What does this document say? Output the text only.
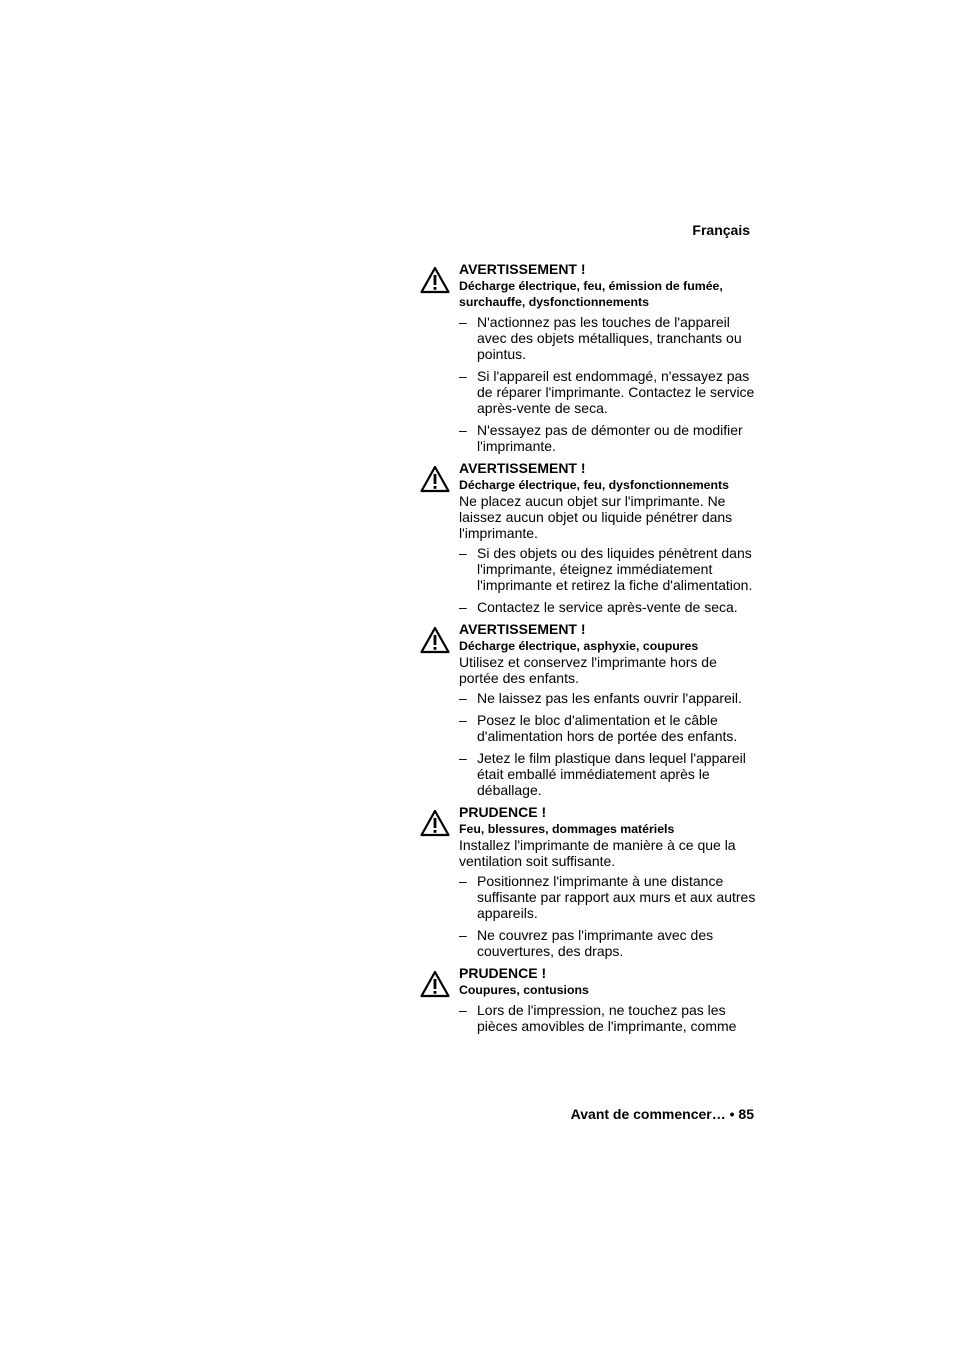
Français

AVERTISSEMENT !

Décharge électrique, feu, émission de fumée, surchauffe, dysfonctionnements

– N'actionnez pas les touches de l'appareil avec des objets métalliques, tranchants ou pointus.
– Si l'appareil est endommagé, n'essayez pas de réparer l'imprimante. Contactez le service après-vente de seca.
– N'essayez pas de démonter ou de modifier l'imprimante.

AVERTISSEMENT !

Décharge électrique, feu, dysfonctionnements

Ne placez aucun objet sur l'imprimante. Ne laissez aucun objet ou liquide pénétrer dans l'imprimante.

– Si des objets ou des liquides pénètrent dans l'imprimante, éteignez immédiatement l'imprimante et retirez la fiche d'alimentation.
– Contactez le service après-vente de seca.

AVERTISSEMENT !

Décharge électrique, asphyxie, coupures

Utilisez et conservez l'imprimante hors de portée des enfants.

– Ne laissez pas les enfants ouvrir l'appareil.
– Posez le bloc d'alimentation et le câble d'alimentation hors de portée des enfants.
– Jetez le film plastique dans lequel l'appareil était emballé immédiatement après le déballage.

PRUDENCE !

Feu, blessures, dommages matériels

Installez l'imprimante de manière à ce que la ventilation soit suffisante.

– Positionnez l'imprimante à une distance suffisante par rapport aux murs et aux autres appareils.
– Ne couvrez pas l'imprimante avec des couvertures, des draps.

PRUDENCE !

Coupures, contusions

– Lors de l'impression, ne touchez pas les pièces amovibles de l'imprimante, comme
Avant de commencer… • 85
